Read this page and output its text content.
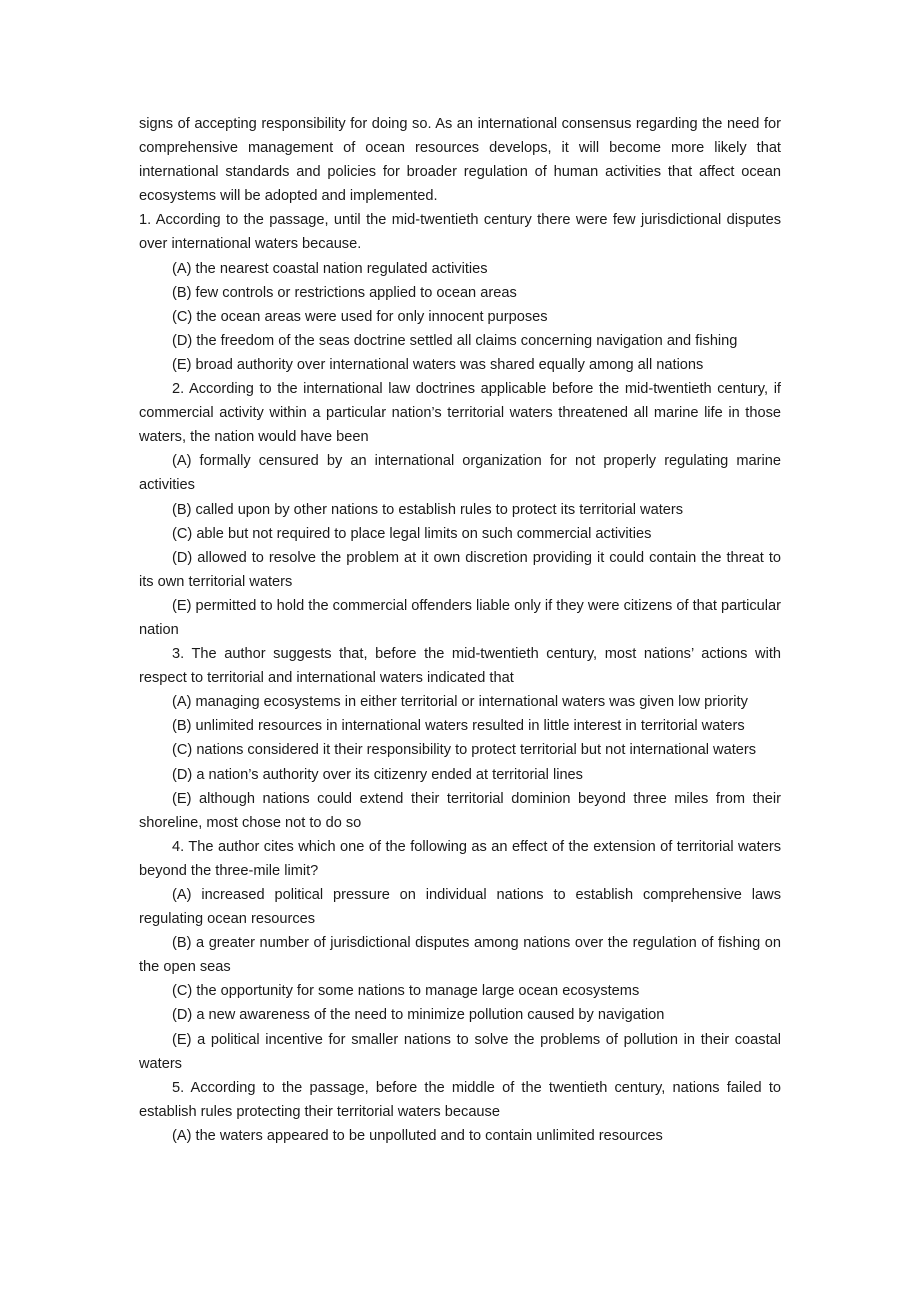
signs of accepting responsibility for doing so. As an international consensus regarding the need for comprehensive management of ocean resources develops, it will become more likely that international standards and policies for broader regulation of human activities that affect ocean ecosystems will be adopted and implemented.

1. According to the passage, until the mid-twentieth century there were few jurisdictional disputes over international waters because.

(A) the nearest coastal nation regulated activities

(B) few controls or restrictions applied to ocean areas

(C) the ocean areas were used for only innocent purposes

(D) the freedom of the seas doctrine settled all claims concerning navigation and fishing

(E) broad authority over international waters was shared equally among all nations

2. According to the international law doctrines applicable before the mid-twentieth century, if commercial activity within a particular nation’s territorial waters threatened all marine life in those waters, the nation would have been

(A) formally censured by an international organization for not properly regulating marine activities

(B) called upon by other nations to establish rules to protect its territorial waters

(C) able but not required to place legal limits on such commercial activities

(D) allowed to resolve the problem at it own discretion providing it could contain the threat to its own territorial waters

(E) permitted to hold the commercial offenders liable only if they were citizens of that particular nation

3. The author suggests that, before the mid-twentieth century, most nations’ actions with respect to territorial and international waters indicated that

(A) managing ecosystems in either territorial or international waters was given low priority

(B) unlimited resources in international waters resulted in little interest in territorial waters

(C) nations considered it their responsibility to protect territorial but not international waters

(D) a nation’s authority over its citizenry ended at territorial lines

(E) although nations could extend their territorial dominion beyond three miles from their shoreline, most chose not to do so

4. The author cites which one of the following as an effect of the extension of territorial waters beyond the three-mile limit?

(A) increased political pressure on individual nations to establish comprehensive laws regulating ocean resources

(B) a greater number of jurisdictional disputes among nations over the regulation of fishing on the open seas

(C) the opportunity for some nations to manage large ocean ecosystems

(D) a new awareness of the need to minimize pollution caused by navigation

(E) a political incentive for smaller nations to solve the problems of pollution in their coastal waters

5. According to the passage, before the middle of the twentieth century, nations failed to establish rules protecting their territorial waters because

(A) the waters appeared to be unpolluted and to contain unlimited resources
